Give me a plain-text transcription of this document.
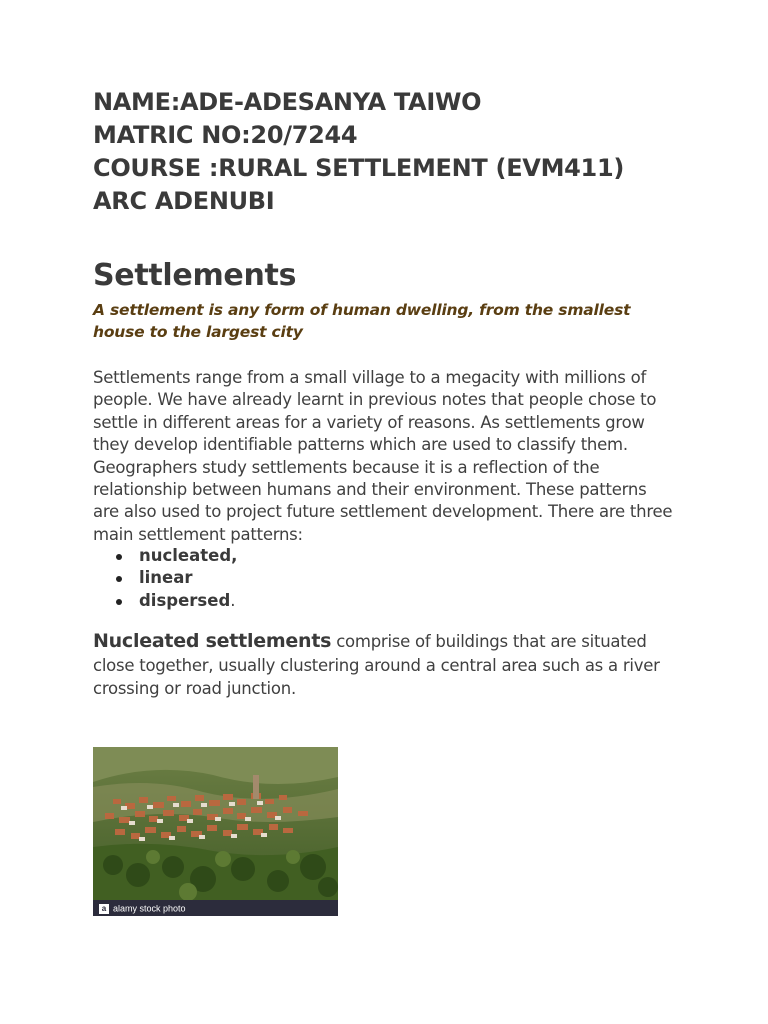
NAME:ADE-ADESANYA TAIWO
MATRIC NO:20/7244
COURSE :RURAL SETTLEMENT (EVM411)
ARC ADENUBI
Settlements
A settlement is any form of human dwelling, from the smallest house to the largest city
Settlements range from a small village to a megacity with millions of people. We have already learnt in previous notes that people chose to settle in different areas for a variety of reasons. As settlements grow they develop identifiable patterns which are used to classify them. Geographers study settlements because it is a reflection of the relationship between humans and their environment. These patterns are also used to project future settlement development. There are three main settlement patterns:
nucleated,
linear
dispersed.
Nucleated settlements comprise of buildings that are situated close together, usually clustering around a central area such as a river crossing or road junction.
a alamy stock photo
